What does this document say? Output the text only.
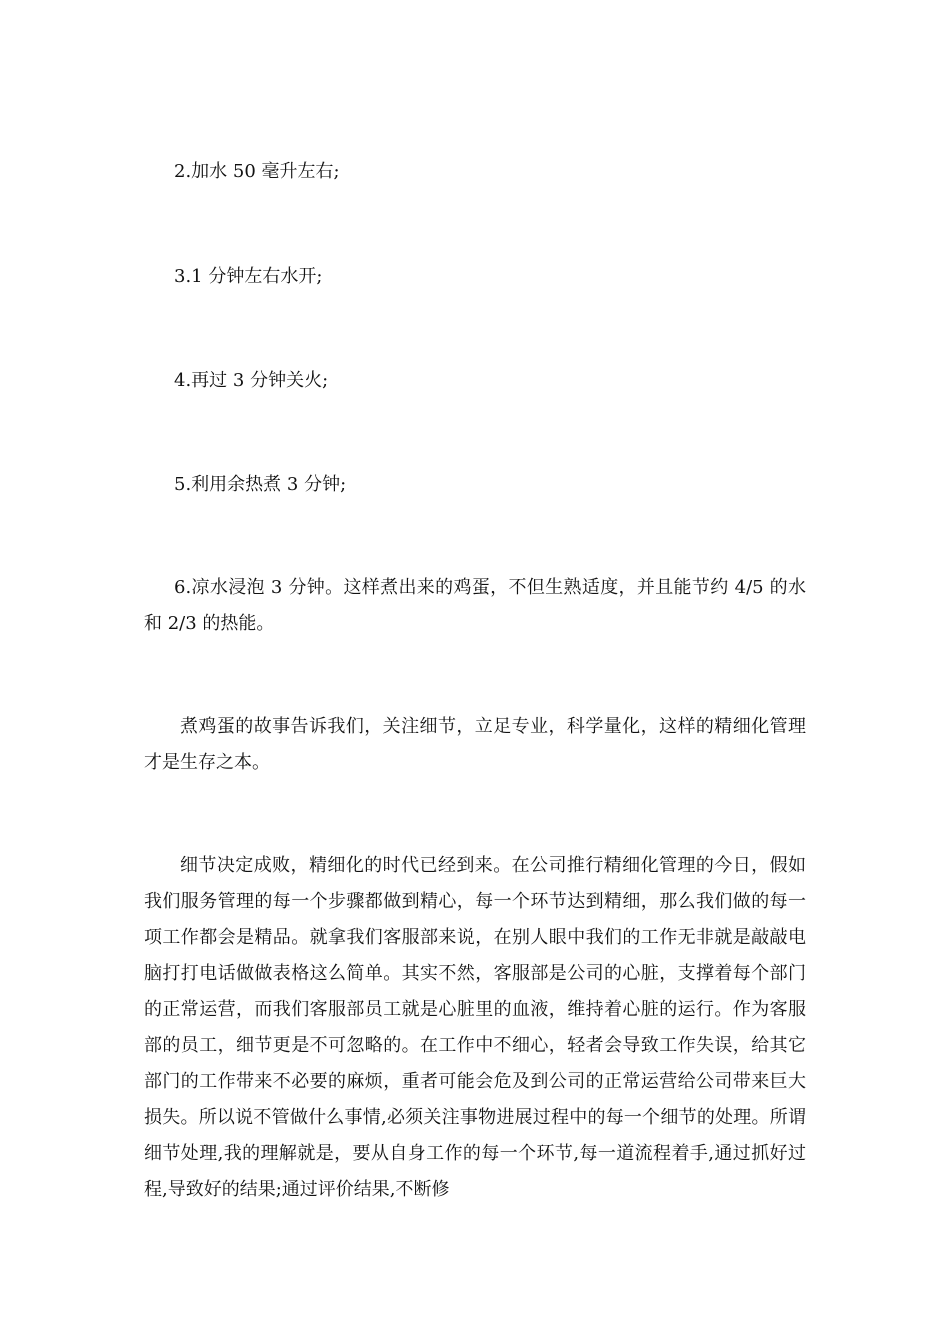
2.加水 50 毫升左右;

3.1 分钟左右水开;

4.再过 3 分钟关火;

5.利用余热煮 3 分钟;

6.凉水浸泡 3 分钟。这样煮出来的鸡蛋，不但生熟适度，并且能节约 4/5 的水和 2/3 的热能。

煮鸡蛋的故事告诉我们，关注细节，立足专业，科学量化，这样的精细化管理才是生存之本。

细节决定成败，精细化的时代已经到来。在公司推行精细化管理的今日，假如我们服务管理的每一个步骤都做到精心，每一个环节达到精细，那么我们做的每一项工作都会是精品。就拿我们客服部来说，在别人眼中我们的工作无非就是敲敲电脑打打电话做做表格这么简单。其实不然，客服部是公司的心脏，支撑着每个部门的正常运营，而我们客服部员工就是心脏里的血液，维持着心脏的运行。作为客服部的员工，细节更是不可忽略的。在工作中不细心，轻者会导致工作失误，给其它部门的工作带来不必要的麻烦，重者可能会危及到公司的正常运营给公司带来巨大损失。所以说不管做什么事情,必须关注事物进展过程中的每一个细节的处理。所谓细节处理,我的理解就是，要从自身工作的每一个环节,每一道流程着手,通过抓好过程,导致好的结果;通过评价结果,不断修
